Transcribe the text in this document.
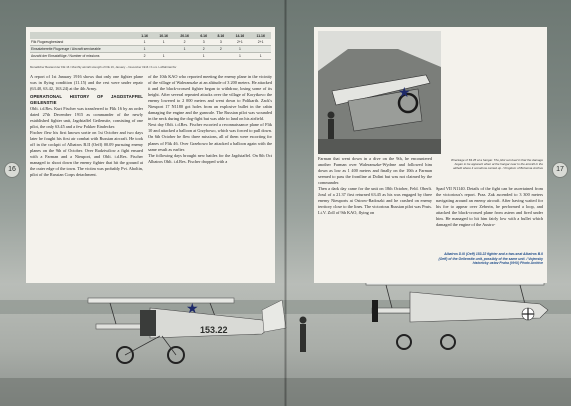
★
153.22
16	17
	1.16	10.16	20.16	6.16	8.16	14.16	11.16
Flik Flugzeugbestand	1	1	2	3	3	2+1	2+1
Einsatzbereite Flugzeuge / Aircraft serviceable	1		1	2	2	1	
Anzahl der Einsatzflüge / Number of missions	2	1		1		1	1
Monatlicher Bestand der Flik 16 / Monthly aircraft strength of Flik 16, January – November 1916 / K.u.k. Luftfahrtarchiv

A report of 1st January 1916 shows that only one fighter plane was in flying condition (11.15) and the rest were under repair (63.40, 63.42, 163.24) at the 4th Army.

OPERATIONAL HISTORY OF JAGDSTAFFEL GEILENSTIE

Oblt. i.d.Res. Kurt Fischer was transferred to Flik 16 by an order dated 27th December 1915 as commander of the newly established fighter unit, Jagdstaffel Geilenstie, consisting of one pilot, the only 63.45 and a few Fokker Eindecker.

Fischer flew his first known sortie on 1st October and two days later he fought his first air combat with Russian aircraft. He took off in the cockpit of Albatros B.II (Oeff) 00.09 pursuing enemy planes on the 9th of October. Over Radziwilow a fight ensued with a Farman and a Nieuport, and Oblt. i.d.Res. Fischer managed to shoot down the enemy fighter that hit the ground at the outer edge of the town. The victim was probably Pvt. Aboltin, pilot of the Russian Corps detachment.

of the 10th KAO who reported meeting the enemy plane in the vicinity of the village of Waleranszke at an altitude of 3 200 meters. He attacked it and the black-crossed fighter began to withdraw, losing some of its height. After several repeated attacks over the village of Korytkovo the enemy lowered to 2 000 meters and went down to Polikarth. Zack's Nieuport 17 N1180 got holes from an explosive bullet in the cabin damaging the engine and the gunwale. The Russian pilot was wounded in the neck during the dog-fight but was able to land on his airfield.

Next day Oblt. i.d.Res. Fischer escorted a reconnaissance plane of Flik 10 and attacked a balloon at Grzybowo, which was forced to pull down. On 6th October he flew three missions, all of them were escorting for planes of Flik 46. Over Grzebowo he attacked a balloon again with the same result as earlier.

The following days brought new battles for the Jagdstaffel. On 8th Oct Albatros Oblt. i.d.Res. Fischer dropped with a

★
Wreckage of 63.45 at a hangar. The pilot survived in that the damage began to be apparent when at the hangar near to the aircraft in the airfield where it somehow carried up. / Kingdom of Bohemia Archive

Farman that went down in a dive on the 9th, he encountered another Farman over Waleranszke-Wydrne and followed him down as low as 1 400 meters and finally on the 10th a Farman seemed to pass the frontline at Dolini but was not claimed by the commander.

Then a dark day came for the unit on 18th October, Feld. Oberlt. Jossl of a 21.37 first returned 63.45 as his was engaged by three enemy Nieuports at Ostrow-Radoszki and he crashed on enemy territory close to the lines. The victorious Russian pilot was Pruts. Lt.V. Zoll of 9th KAO, flying on

Spad VII N1140. Details of the fight can be ascertained from the victorious's report. Praz. Zak ascended to 3 300 meters navigating around an enemy aircraft. After having waited for his foe to appear over Zeberin, he performed a loop, and attacked the black-crossed plane from astern and fired under him. He managed to hit him fairly low with a bullet which damaged the engine of the Austro-

Albatros D.III (Oeff) 153.22 fighter and a two-seat Albatros B.II (Oeff) of the Geilenstie unit, possibly of the same unit. / Vojensky historicky ustav Praha (VHU) Photo Archive
